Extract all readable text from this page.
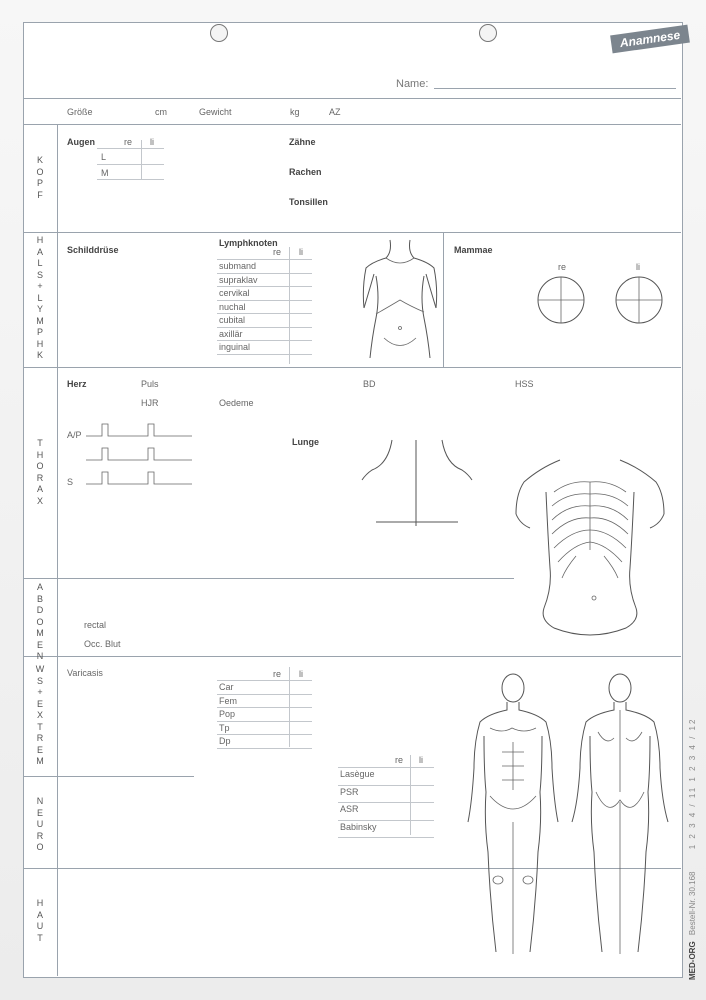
Anamnese
Name:
Größe	cm	Gewicht	kg	AZ
K
O
P
F
H
A
L
S
+
L
Y
M
P
H
K
T
H
O
R
A
X
A
B
D
O
M
E
N
W
S
+
E
X
T
R
E
M
N
E
U
R
O
H
A
U
T
Augen	re li
L
M
Zähne
Rachen
Tonsillen
Schilddrüse
Lymphknoten
re li
submand
supraklav
cervikal
nuchal
cubital
axillär
inguinal
Mammae
re	li
Herz	Puls	BD	HSS
HJR	Oedeme
A/P
S
Lunge
rectal
Occ. Blut
Varicasis	re li
Car
Fem
Pop
Tp
Dp
re li
Lasègue
PSR
ASR
Babinsky
MED-ORG Bestell-Nr. 30.168 1 2 3 4 / 11 1 2 3 4 / 12
